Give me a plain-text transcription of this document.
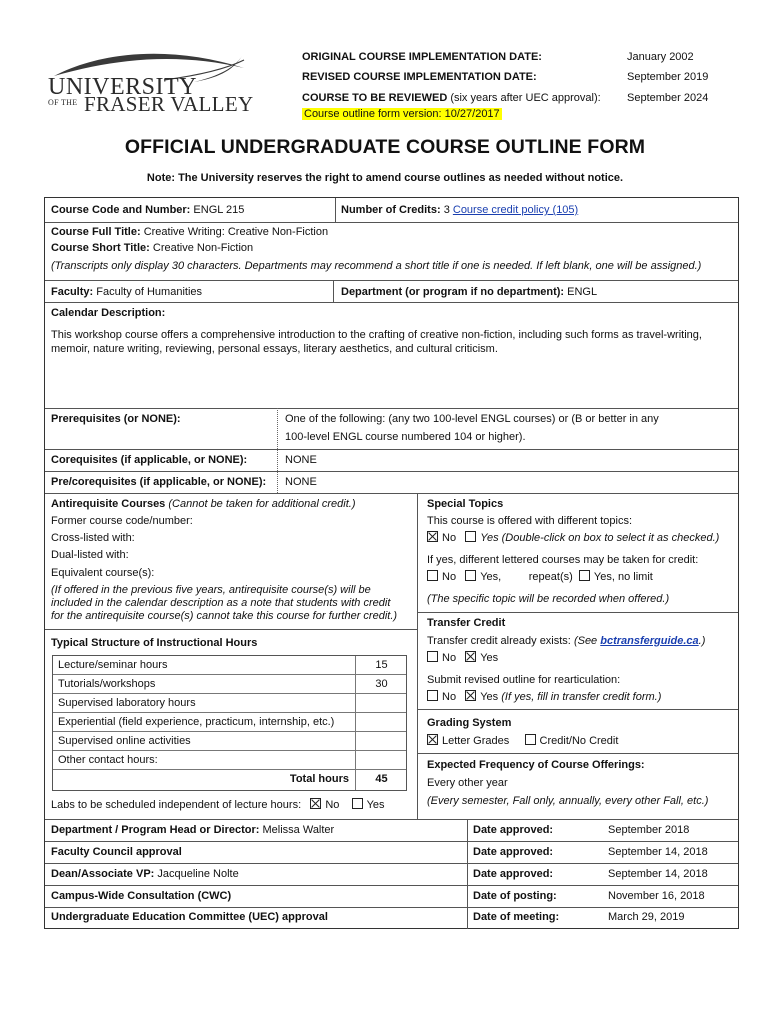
UNIVERSITY
OF THE FRASER VALLEY
ORIGINAL COURSE IMPLEMENTATION DATE:	January 2002
REVISED COURSE IMPLEMENTATION DATE:	September 2019
COURSE TO BE REVIEWED (six years after UEC approval): September 2024
Course outline form version: 10/27/2017
OFFICIAL UNDERGRADUATE COURSE OUTLINE FORM
Note: The University reserves the right to amend course outlines as needed without notice.
Course Code and Number: ENGL 215	Number of Credits: 3 Course credit policy (105)
Course Full Title: Creative Writing: Creative Non-Fiction
Course Short Title: Creative Non-Fiction
(Transcripts only display 30 characters. Departments may recommend a short title if one is needed. If left blank, one will be assigned.)
Faculty: Faculty of Humanities	Department (or program if no department): ENGL
Calendar Description:
This workshop course offers a comprehensive introduction to the crafting of creative non-fiction, including such forms as travel-writing, memoir, nature writing, reviewing, personal essays, literary aesthetics, and cultural criticism.
Prerequisites (or NONE):	One of the following: (any two 100-level ENGL courses) or (B or better in any
100-level ENGL course numbered 104 or higher).
Corequisites (if applicable, or NONE):	NONE
Pre/corequisites (if applicable, or NONE): NONE
Antirequisite Courses (Cannot be taken for additional credit.)
Former course code/number:
Cross-listed with:
Dual-listed with:
Equivalent course(s):
(If offered in the previous five years, antirequisite course(s) will be
included in the calendar description as a note that students with credit
for the antirequisite course(s) cannot take this course for further credit.)
Typical Structure of Instructional Hours
Lecture/seminar hours	15
Tutorials/workshops	30
Supervised laboratory hours
Experiential (field experience, practicum, internship, etc.)
Supervised online activities
Other contact hours:
Total hours	45
Labs to be scheduled independent of lecture hours: No Yes
Special Topics
This course is offered with different topics:
No Yes (Double-click on box to select it as checked.)
If yes, different lettered courses may be taken for credit:
No Yes,	repeat(s) Yes, no limit
(The specific topic will be recorded when offered.)
Transfer Credit
Transfer credit already exists: (See bctransferguide.ca.)
No Yes
Submit revised outline for rearticulation:
No Yes (If yes, fill in transfer credit form.)
Grading System
Letter Grades	Credit/No Credit
Expected Frequency of Course Offerings:
Every other year
(Every semester, Fall only, annually, every other Fall, etc.)
Department / Program Head or Director: Melissa Walter	Date approved:	September 2018
Faculty Council approval	Date approved:	September 14, 2018
Dean/Associate VP: Jacqueline Nolte	Date approved:	September 14, 2018
Campus-Wide Consultation (CWC)	Date of posting:	November 16, 2018
Undergraduate Education Committee (UEC) approval	Date of meeting:	March 29, 2019
